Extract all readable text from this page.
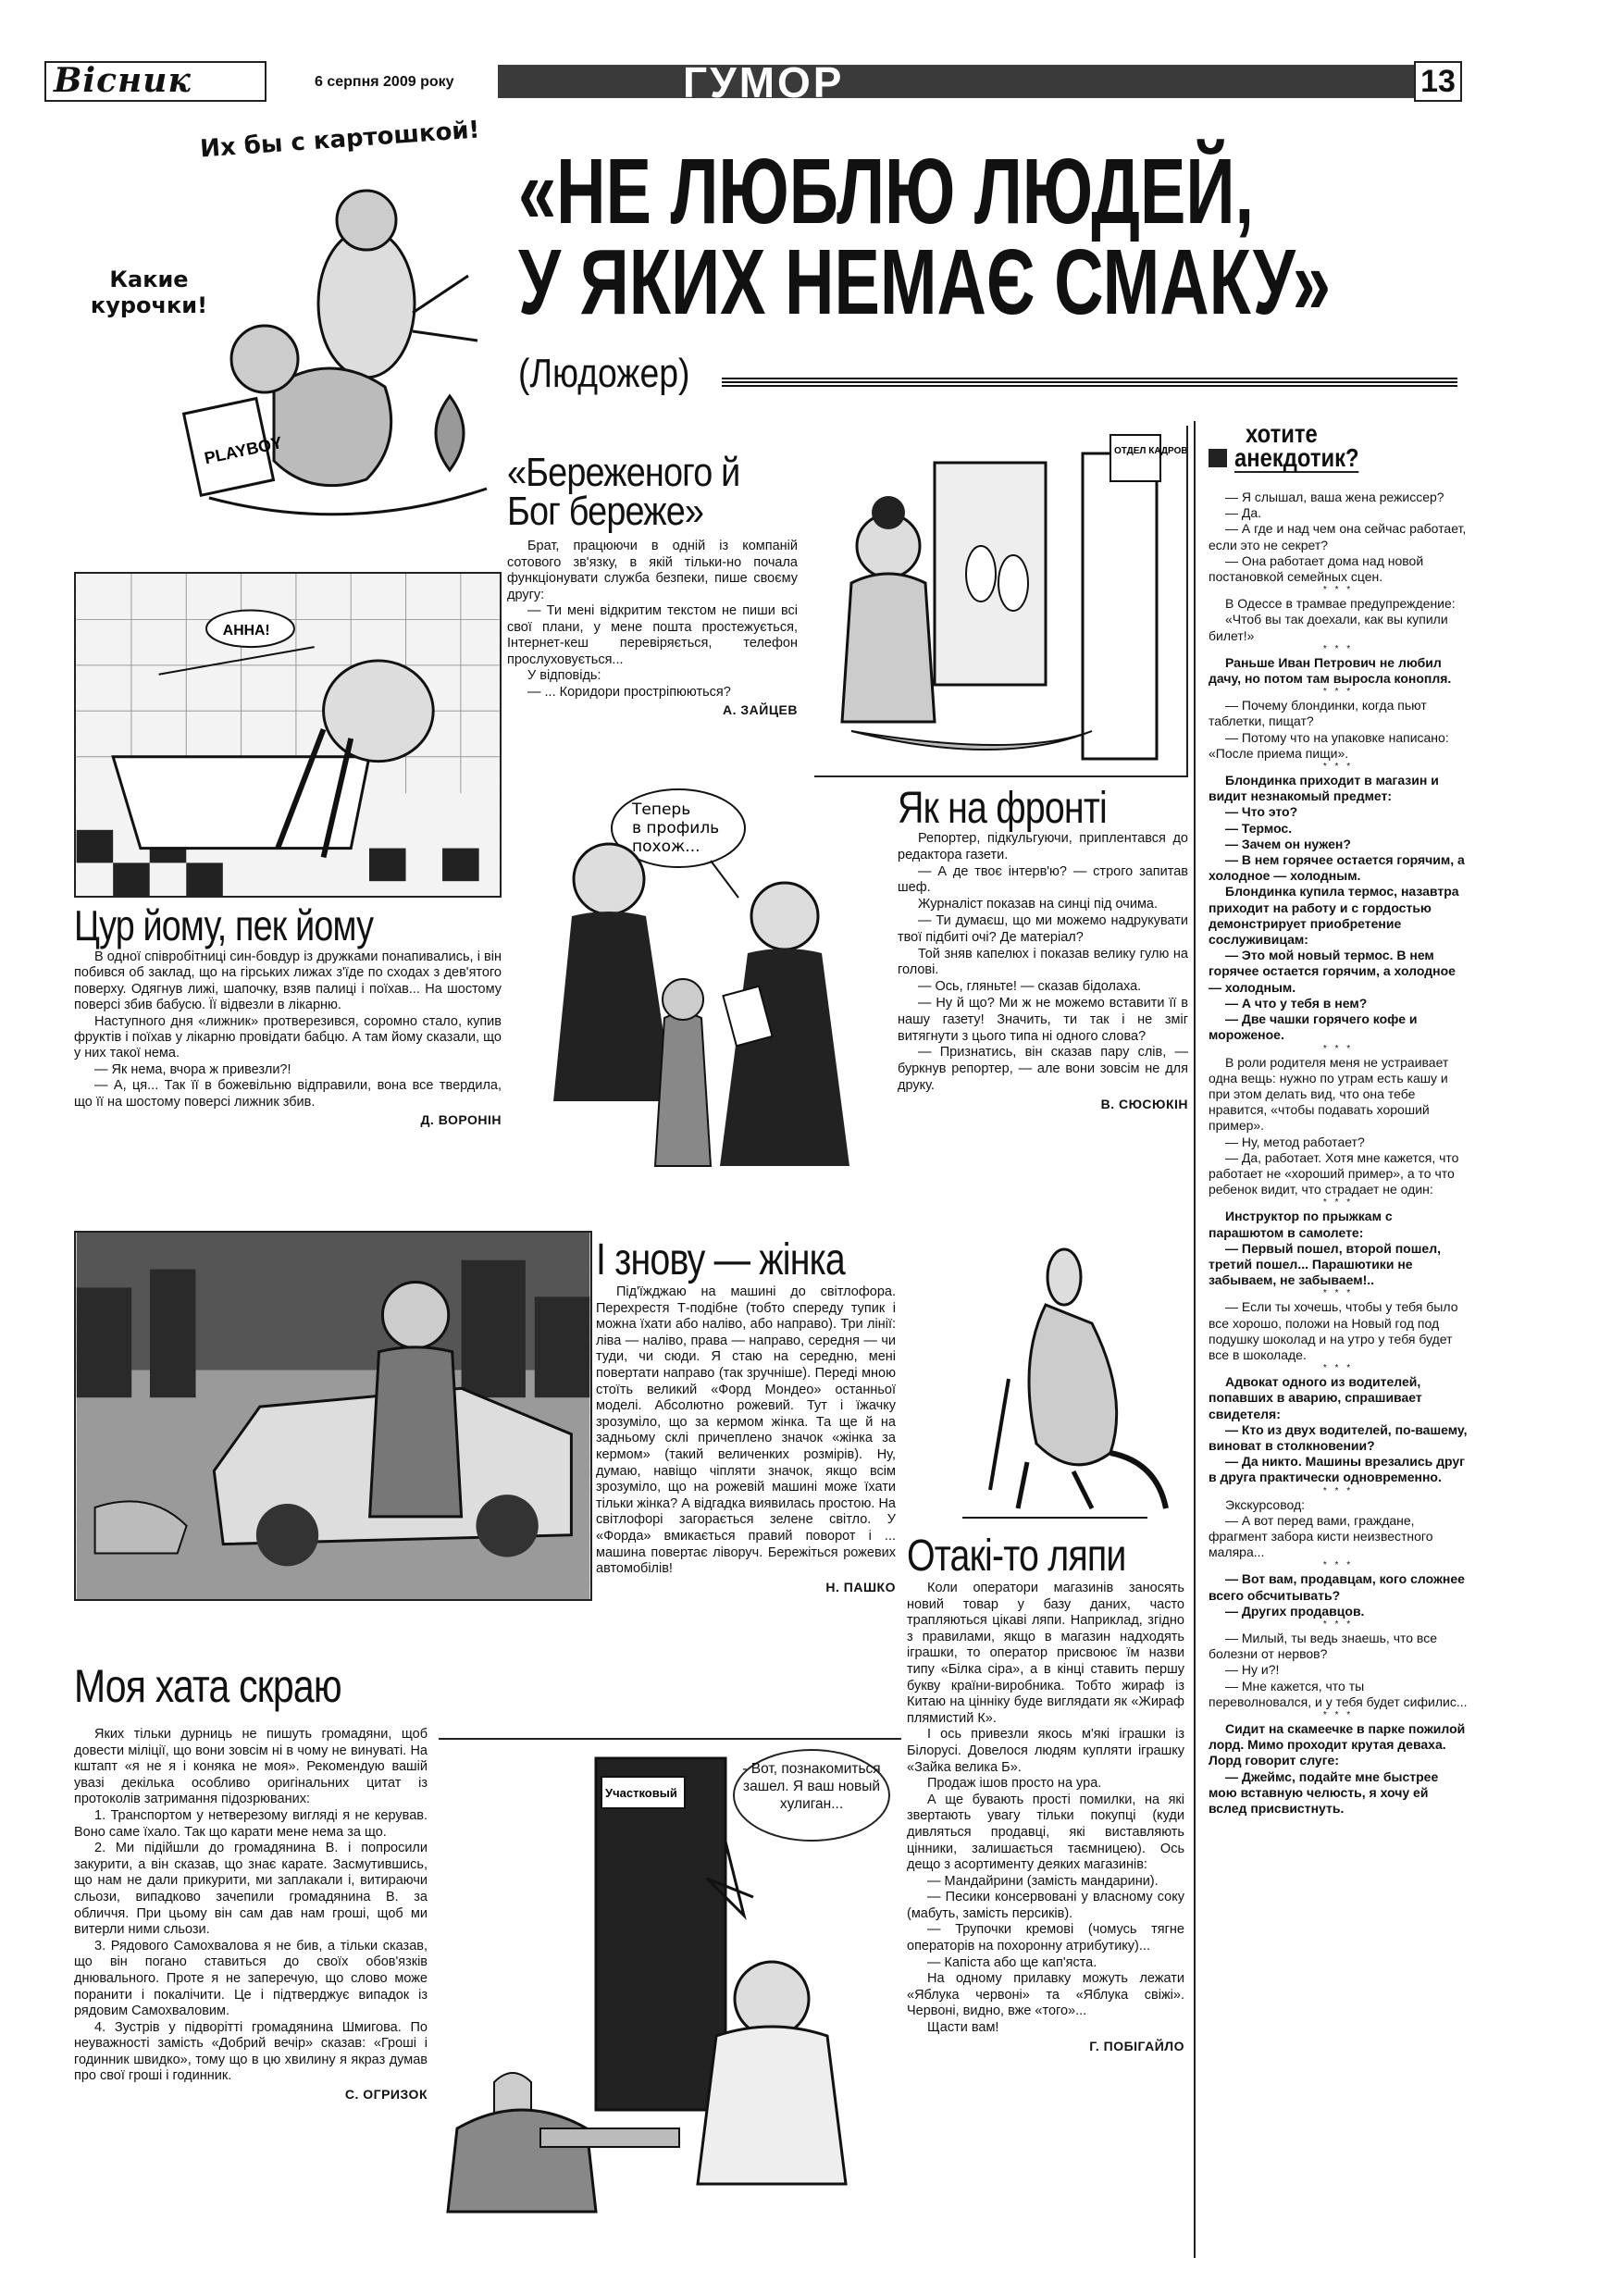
Вісник	6 серпня 2009 року	ГУМОР	13
Их бы с картошкой!
Какие курочки!
PLAYBOY
«НЕ ЛЮБЛЮ ЛЮДЕЙ,
У ЯКИХ НЕМАЄ СМАКУ»
(Людожер)
АННА!
Цур йому, пек йому

В одної співробітниці син-бовдур із дружками понапивались, і він побився об заклад, що на гірських лижах з'їде по сходах з дев'ятого поверху. Одягнув лижі, шапочку, взяв палиці і поїхав... На шостому поверсі збив бабусю. Її відвезли в лікарню.

Наступного дня «лижник» протверезився, соромно стало, купив фруктів і поїхав у лікарню провідати бабцю. А там йому сказали, що у них такої нема.

— Як нема, вчора ж привезли?!

— А, ця... Так її в божевільню відправили, вона все твердила, що її на шостому поверсі лижник збив.

Д. ВОРОНІН
«Береженого й Бог береже»

Брат, працюючи в одній із компаній сотового зв'язку, в якій тільки-но почала функціонувати служба безпеки, пише своєму другу:

— Ти мені відкритим текстом не пиши всі свої плани, у мене пошта простежується, Інтернет-кеш перевіряється, телефон прослуховується...

У відповідь:

— ... Коридори простріпюються?

А. ЗАЙЦЕВ
ОТДЕЛ КАДРОВ
хотите
анекдотик?

— Я слышал, ваша жена режиссер?

— Да.

— А где и над чем она сейчас работает, если это не секрет?

— Она работает дома над новой постановкой семейных сцен.

* * *

В Одессе в трамвае предупреждение:

«Чтоб вы так доехали, как вы купили билет!»

* * *

Раньше Иван Петрович не любил дачу, но потом там выросла конопля.

* * *

— Почему блондинки, когда пьют таблетки, пищат?

— Потому что на упаковке написано: «После приема пищи».

* * *

Блондинка приходит в магазин и видит незнакомый предмет:

— Что это?

— Термос.

— Зачем он нужен?

— В нем горячее остается горячим, а холодное — холодным.

Блондинка купила термос, назавтра приходит на работу и с гордостью демонстрирует приобретение сослуживицам:

— Это мой новый термос. В нем горячее остается горячим, а холодное — холодным.

— А что у тебя в нем?

— Две чашки горячего кофе и мороженое.

* * *

В роли родителя меня не устраивает одна вещь: нужно по утрам есть кашу и при этом делать вид, что она тебе нравится, «чтобы подавать хороший пример».

— Ну, метод работает?

— Да, работает. Хотя мне кажется, что работает не «хороший пример», а то что ребенок видит, что страдает не один:

* * *

Инструктор по прыжкам с парашютом в самолете:

— Первый пошел, второй пошел, третий пошел... Парашютики не забываем, не забываем!..

* * *

— Если ты хочешь, чтобы у тебя было все хорошо, положи на Новый год под подушку шоколад и на утро у тебя будет все в шоколаде.

* * *

Адвокат одного из водителей, попавших в аварию, спрашивает свидетеля:

— Кто из двух водителей, по-вашему, виноват в столкновении?

— Да никто. Машины врезались друг в друга практически одновременно.

* * *

Экскурсовод:

— А вот перед вами, граждане, фрагмент забора кисти неизвестного маляра...

* * *

— Вот вам, продавцам, кого сложнее всего обсчитывать?

— Других продавцов.

* * *

— Милый, ты ведь знаешь, что все болезни от нервов?

— Ну и?!

— Мне кажется, что ты переволновался, и у тебя будет сифилис...

* * *

Сидит на скамеечке в парке пожилой лорд. Мимо проходит крутая деваха. Лорд говорит слуге:

— Джеймс, подайте мне быстрее мою вставную челюсть, я хочу ей вслед присвистнуть.

Теперь в профиль похож...
Як на фронті

Репортер, підкульгуючи, приплентався до редактора газети.

— А де твоє інтерв'ю? — строго запитав шеф.

Журналіст показав на синці під очима.

— Ти думаєш, що ми можемо надрукувати твої підбиті очі? Де матеріал?

Той зняв капелюх і показав велику гулю на голові.

— Ось, гляньте! — сказав бідолаха.

— Ну й що? Ми ж не можемо вставити її в нашу газету! Значить, ти так і не зміг витягнути з цього типа ні одного слова?

— Признатись, він сказав пару слів, — буркнув репортер, — але вони зовсім не для друку.

В. СЮСЮКІН
І знову — жінка

Під'їжджаю на машині до світлофора. Перехрестя Т-подібне (тобто спереду тупик і можна їхати або наліво, або направо). Три лінії: ліва — наліво, права — направо, середня — чи туди, чи сюди. Я стаю на середню, мені повертати направо (так зручніше). Переді мною стоїть великий «Форд Мондео» останньої моделі. Абсолютно рожевий. Тут і їжачку зрозуміло, що за кермом жінка. Та ще й на задньому склі причеплено значок «жінка за кермом» (такий величенких розмірів). Ну, думаю, навіщо чіпляти значок, якщо всім зрозуміло, що на рожевій машині може їхати тільки жінка? А відгадка виявилась простою. На світлофорі загорається зелене світло. У «Форда» вмикається правий поворот і ... машина повертає ліворуч. Бережіться рожевих автомобілів!

Н. ПАШКО
Отакі-то ляпи

Коли оператори магазинів заносять новий товар у базу даних, часто трапляються цікаві ляпи. Наприклад, згідно з правилами, якщо в магазин надходять іграшки, то оператор присвоює їм назви типу «Білка сіра», а в кінці ставить першу букву країни-виробника. Тобто жираф із Китаю на цінніку буде виглядати як «Жираф плямистий К».

І ось привезли якось м'які іграшки із Білорусі. Довелося людям купляти іграшку «Зайка велика Б».

Продаж ішов просто на ура.

А ще бувають прості помилки, на які звертають увагу тільки покупці (куди дивляться продавці, які виставляють цінники, залишається таємницею). Ось дещо з асортименту деяких магазинів:

— Мандайрини (замість мандарини).

— Песики консервовані у власному соку (мабуть, замість персиків).

— Трупочки кремові (чомусь тягне операторів на похоронну атрибутику)...

— Капіста або ще кап'яста.

На одному прилавку можуть лежати «Яблука червоні» та «Яблука свіжі». Червоні, видно, вже «того»...

Щасти вам!

Г. ПОБІГАЙЛО
Моя хата скраю

Яких тільки дурниць не пишуть громадяни, щоб довести міліції, що вони зовсім ні в чому не винуваті. На кштапт «я не я і коняка не моя». Рекомендую вашій увазі декілька особливо оригінальних цитат із протоколів затримання підозрюваних:

1. Транспортом у нетверезому вигляді я не керував. Воно саме їхало. Так що карати мене нема за що.

2. Ми підійшли до громадянина В. і попросили закурити, а він сказав, що знає карате. Засмутившись, що нам не дали прикурити, ми заплакали і, витираючи сльози, випадково зачепили громадянина В. за обличчя. При цьому він сам дав нам гроші, щоб ми витерли ними сльози.

3. Рядового Самохвалова я не бив, а тільки сказав, що він погано ставиться до своїх обов'язків днювального. Проте я не заперечую, що слово може поранити і покалічити. Це і підтверджує випадок із рядовим Самохваловим.

4. Зустрів у підворітті громадянина Шмигова. По неуважності замість «Добрий вечір» сказав: «Гроші і годинник швидко», тому що в цю хвилину я якраз думав про свої гроші і годинник.

С. ОГРИЗОК
Участковый
- Вот, познакомиться зашел. Я ваш новый хулиган...
